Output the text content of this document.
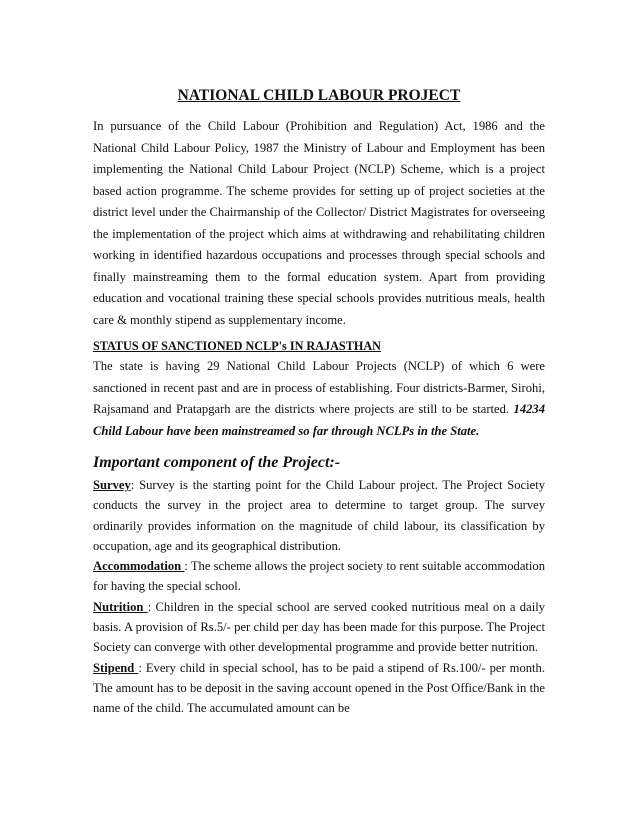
NATIONAL CHILD LABOUR PROJECT

In pursuance of the Child Labour (Prohibition and Regulation) Act, 1986 and the National Child Labour Policy, 1987 the Ministry of Labour and Employment has been implementing the National Child Labour Project (NCLP) Scheme, which is a project based action programme. The scheme provides for setting up of project societies at the district level under the Chairmanship of the Collector/ District Magistrates for overseeing the implementation of the project which aims at withdrawing and rehabilitating children working in identified hazardous occupations and processes through special schools and finally mainstreaming them to the formal education system. Apart from providing education and vocational training these special schools provides nutritious meals, health care & monthly stipend as supplementary income.

STATUS OF SANCTIONED NCLP's IN RAJASTHAN

The state is having 29 National Child Labour Projects (NCLP) of which 6 were sanctioned in recent past and are in process of establishing. Four districts-Barmer, Sirohi, Rajsamand and Pratapgarh are the districts where projects are still to be started. 14234 Child Labour have been mainstreamed so far through NCLPs in the State.

Important component of the Project:-

Survey: Survey is the starting point for the Child Labour project. The Project Society conducts the survey in the project area to determine to target group. The survey ordinarily provides information on the magnitude of child labour, its classification by occupation, age and its geographical distribution.

Accommodation : The scheme allows the project society to rent suitable accommodation for having the special school.

Nutrition : Children in the special school are served cooked nutritious meal on a daily basis. A provision of Rs.5/- per child per day has been made for this purpose. The Project Society can converge with other developmental programme and provide better nutrition.

Stipend : Every child in special school, has to be paid a stipend of Rs.100/- per month. The amount has to be deposit in the saving account opened in the Post Office/Bank in the name of the child. The accumulated amount can be
